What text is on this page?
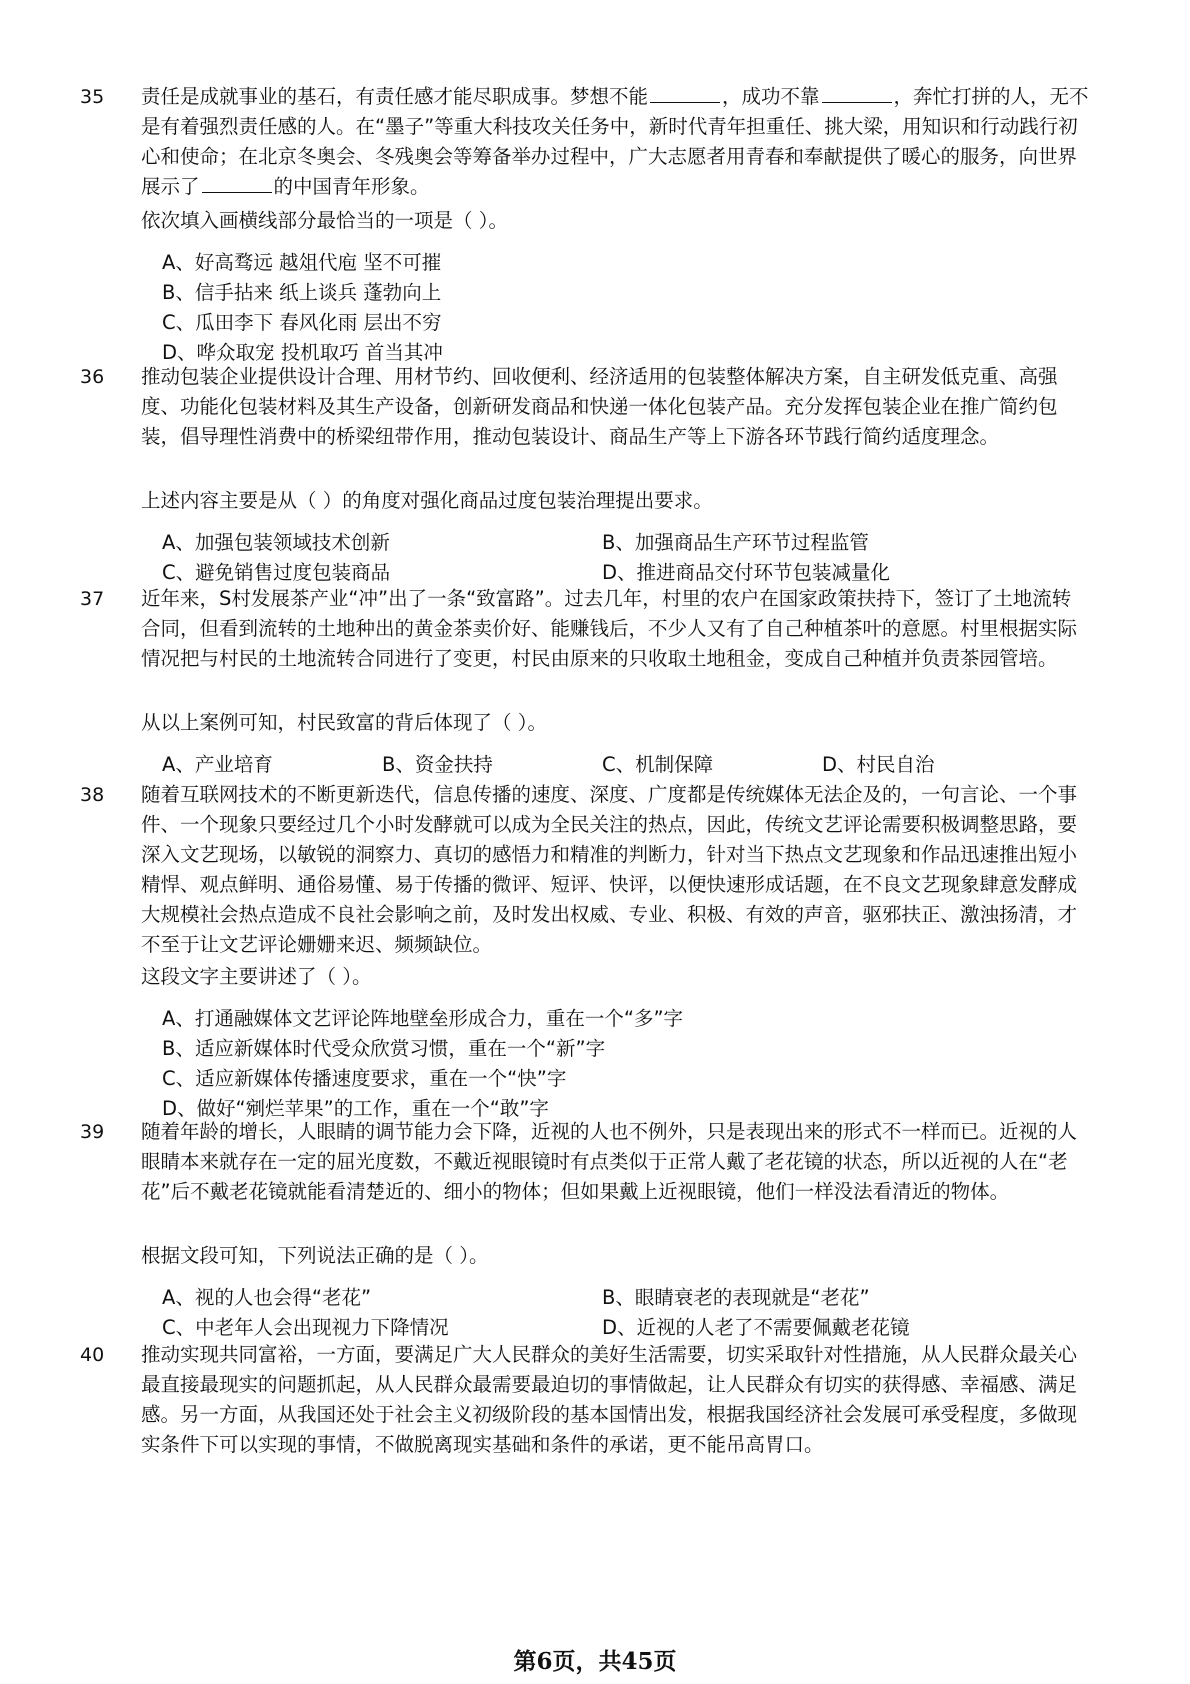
35 责任是成就事业的基石，有责任感才能尽职成事。梦想不能	，成功不靠	，奔忙打拼的人，无不是有着强烈责任感的人。在“墨子”等重大科技攻关任务中，新时代青年担重任、挑大梁，用知识和行动践行初心和使命；在北京冬奥会、冬残奥会等筹备举办过程中，广大志愿者用青春和奉献提供了暖心的服务，向世界展示了	的中国青年形象。

依次填入画横线部分最恰当的一项是（ ）。

A、好高骛远 越俎代庖 坚不可摧
B、信手拈来 纸上谈兵 蓬勃向上
C、瓜田李下 春风化雨 层出不穷
D、哗众取宠 投机取巧 首当其冲
36 推动包装企业提供设计合理、用材节约、回收便利、经济适用的包装整体解决方案，自主研发低克重、高强度、功能化包装材料及其生产设备，创新研发商品和快递一体化包装产品。充分发挥包装企业在推广简约包装，倡导理性消费中的桥梁纽带作用，推动包装设计、商品生产等上下游各环节践行简约适度理念。

上述内容主要是从（ ）的角度对强化商品过度包装治理提出要求。

A、加强包装领域技术创新	B、加强商品生产环节过程监管
C、避免销售过度包装商品	D、推进商品交付环节包装减量化
37 近年来，S村发展茶产业“冲”出了一条“致富路”。过去几年，村里的农户在国家政策扶持下，签订了土地流转合同，但看到流转的土地种出的黄金茶卖价好、能赚钱后，不少人又有了自己种植茶叶的意愿。村里根据实际情况把与村民的土地流转合同进行了变更，村民由原来的只收取土地租金，变成自己种植并负责茶园管培。

从以上案例可知，村民致富的背后体现了（ ）。

A、产业培育	B、资金扶持	C、机制保障	D、村民自治
38 随着互联网技术的不断更新迭代，信息传播的速度、深度、广度都是传统媒体无法企及的，一句言论、一个事件、一个现象只要经过几个小时发酵就可以成为全民关注的热点，因此，传统文艺评论需要积极调整思路，要深入文艺现场，以敏锐的洞察力、真切的感悟力和精准的判断力，针对当下热点文艺现象和作品迅速推出短小精悍、观点鲜明、通俗易懂、易于传播的微评、短评、快评，以便快速形成话题，在不良文艺现象肆意发酵成大规模社会热点造成不良社会影响之前，及时发出权威、专业、积极、有效的声音，驱邪扶正、激浊扬清，才不至于让文艺评论姗姗来迟、频频缺位。

这段文字主要讲述了（ ）。

A、打通融媒体文艺评论阵地壁垒形成合力，重在一个“多”字
B、适应新媒体时代受众欣赏习惯，重在一个“新”字
C、适应新媒体传播速度要求，重在一个“快”字
D、做好“剜烂苹果”的工作，重在一个“敢”字
39 随着年龄的增长，人眼睛的调节能力会下降，近视的人也不例外，只是表现出来的形式不一样而已。近视的人眼睛本来就存在一定的屈光度数，不戴近视眼镜时有点类似于正常人戴了老花镜的状态，所以近视的人在“老花”后不戴老花镜就能看清楚近的、细小的物体；但如果戴上近视眼镜，他们一样没法看清近的物体。

根据文段可知，下列说法正确的是（ ）。

A、视的人也会得“老花”	B、眼睛衰老的表现就是“老花”
C、中老年人会出现视力下降情况	D、近视的人老了不需要佩戴老花镜
40 推动实现共同富裕，一方面，要满足广大人民群众的美好生活需要，切实采取针对性措施，从人民群众最关心最直接最现实的问题抓起，从人民群众最需要最迫切的事情做起，让人民群众有切实的获得感、幸福感、满足感。另一方面，从我国还处于社会主义初级阶段的基本国情出发，根据我国经济社会发展可承受程度，多做现实条件下可以实现的事情，不做脱离现实基础和条件的承诺，更不能吊高胃口。

第6页，共45页
